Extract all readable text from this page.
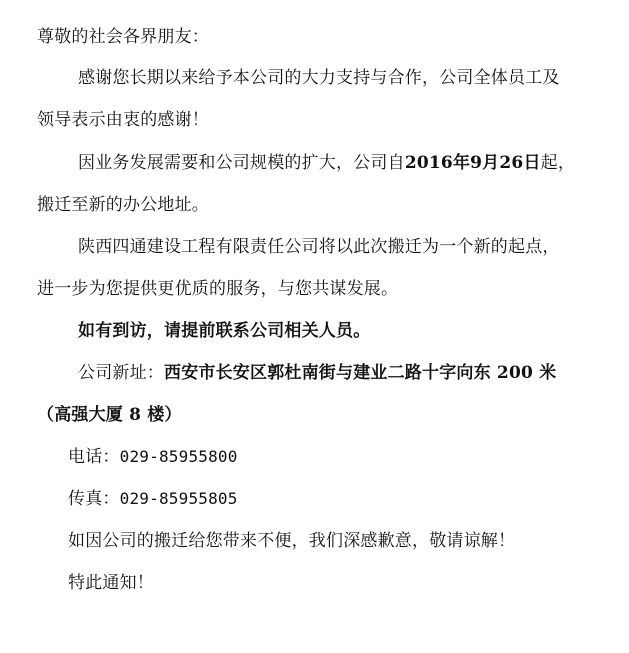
尊敬的社会各界朋友：
感谢您长期以来给予本公司的大力支持与合作，公司全体员工及
领导表示由衷的感谢！
因业务发展需要和公司规模的扩大，公司自2016年9月26日起，
搬迁至新的办公地址。
陕西四通建设工程有限责任公司将以此次搬迁为一个新的起点，
进一步为您提供更优质的服务，与您共谋发展。
如有到访，请提前联系公司相关人员。
公司新址：西安市长安区郭杜南街与建业二路十字向东 200 米
（高强大厦 8 楼）
电话：029-85955800
传真：029-85955805
如因公司的搬迁给您带来不便，我们深感歉意，敬请谅解！
特此通知！
